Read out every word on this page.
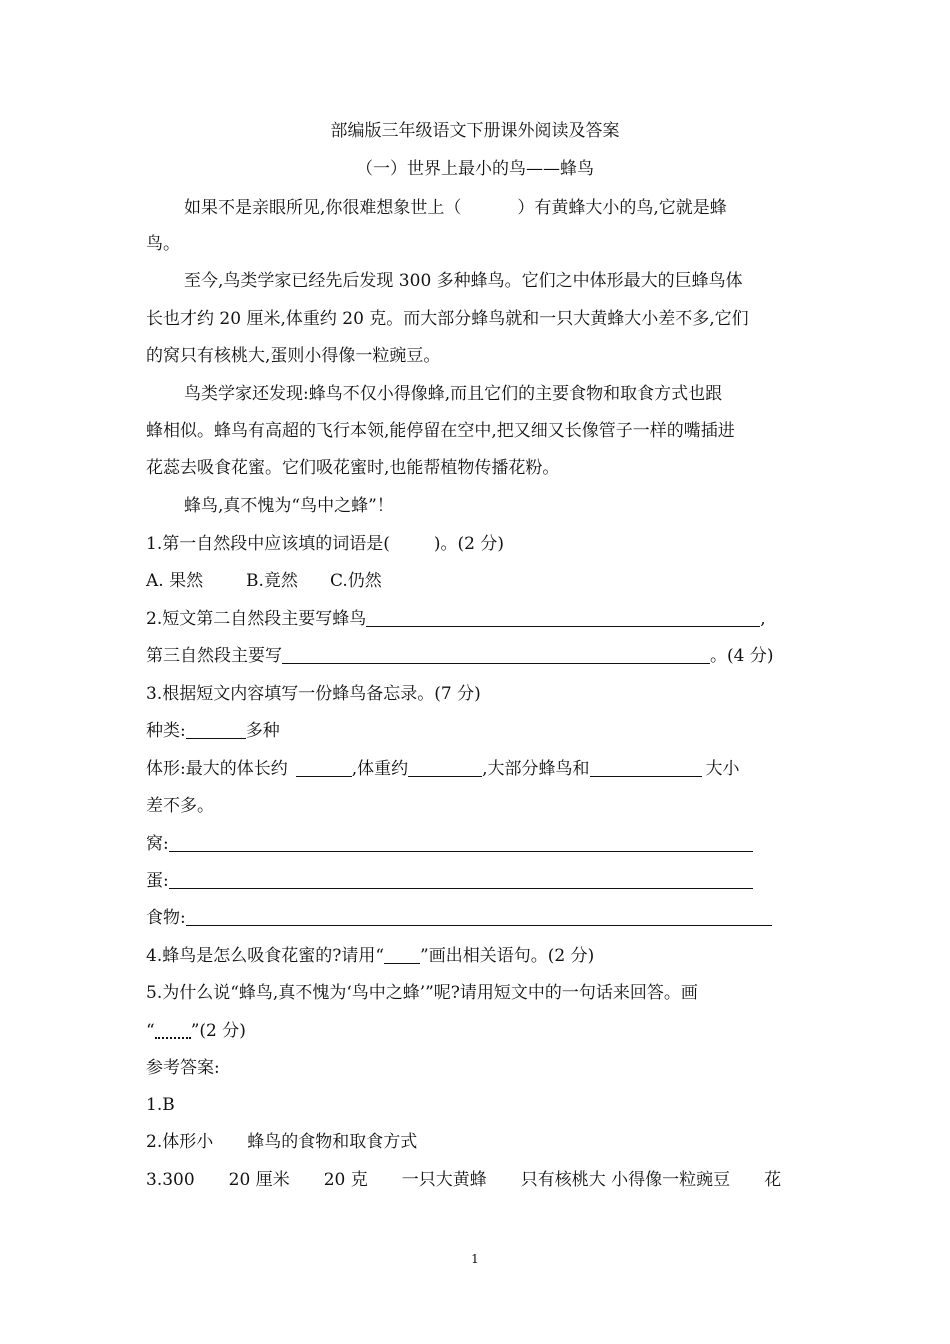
部编版三年级语文下册课外阅读及答案
（一）世界上最小的鸟——蜂鸟
如果不是亲眼所见,你很难想象世上（	）有黄蜂大小的鸟,它就是蜂
鸟。
至今,鸟类学家已经先后发现 300 多种蜂鸟。它们之中体形最大的巨蜂鸟体
长也才约 20 厘米,体重约 20 克。而大部分蜂鸟就和一只大黄蜂大小差不多,它们
的窝只有核桃大,蛋则小得像一粒豌豆。
鸟类学家还发现:蜂鸟不仅小得像蜂,而且它们的主要食物和取食方式也跟
蜂相似。蜂鸟有高超的飞行本领,能停留在空中,把又细又长像管子一样的嘴插进
花蕊去吸食花蜜。它们吸花蜜时,也能帮植物传播花粉。
蜂鸟,真不愧为“鸟中之蜂”！
1.第一自然段中应该填的词语是(	)。(2 分)
A. 果然	B.竟然 C.仍然
2.短文第二自然段主要写蜂鸟	,
第三自然段主要写	。(4 分)
3.根据短文内容填写一份蜂鸟备忘录。(7 分)
种类:	多种
体形:最大的体长约	,体重约	,大部分蜂鸟和	大小
差不多。
窝:
蛋:
食物:
4.蜂鸟是怎么吸食花蜜的?请用“ ”画出相关语句。(2 分)
5.为什么说“蜂鸟,真不愧为‘鸟中之蜂’”呢?请用短文中的一句话来回答。画
“ ”(2 分)
参考答案:
1.B
2.体形小　　蜂鸟的食物和取食方式
3.300　　20 厘米　　20 克　　一只大黄蜂　　只有核桃大 小得像一粒豌豆　　花
1
